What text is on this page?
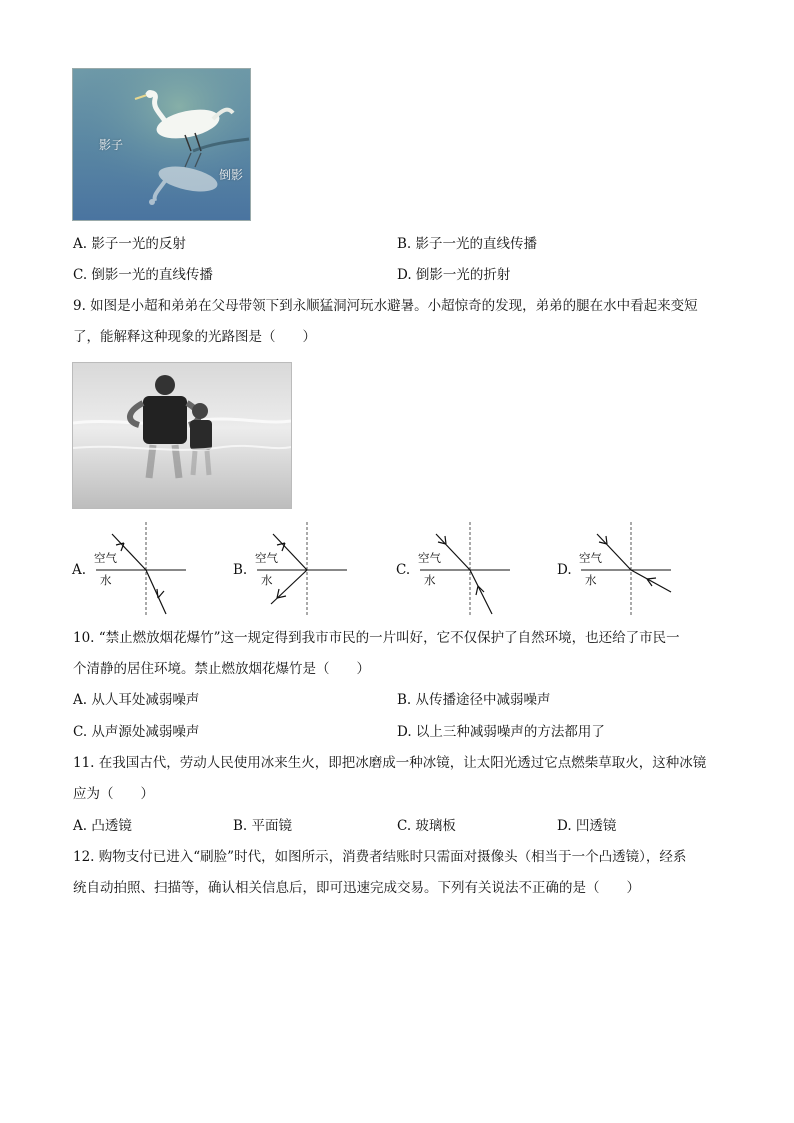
影子
倒影
A. 影子一光的反射	B. 影子一光的直线传播
C. 倒影一光的直线传播	D. 倒影一光的折射
9. 如图是小超和弟弟在父母带领下到永顺猛洞河玩水避暑。小超惊奇的发现，弟弟的腿在水中看起来变短
了，能解释这种现象的光路图是（　　）
A.
空气
水
B.
空气
水
C.
空气
水
D.
空气
水
10. “禁止燃放烟花爆竹”这一规定得到我市市民的一片叫好，它不仅保护了自然环境，也还给了市民一
个清静的居住环境。禁止燃放烟花爆竹是（　　）
A. 从人耳处减弱噪声	B. 从传播途径中减弱噪声
C. 从声源处减弱噪声	D. 以上三种减弱噪声的方法都用了
11. 在我国古代，劳动人民使用冰来生火，即把冰磨成一种冰镜，让太阳光透过它点燃柴草取火，这种冰镜
应为（　　）
A. 凸透镜	B. 平面镜	C. 玻璃板	D. 凹透镜
12. 购物支付已进入“刷脸”时代，如图所示，消费者结账时只需面对摄像头（相当于一个凸透镜），经系
统自动拍照、扫描等，确认相关信息后，即可迅速完成交易。下列有关说法不正确的是（　　）
